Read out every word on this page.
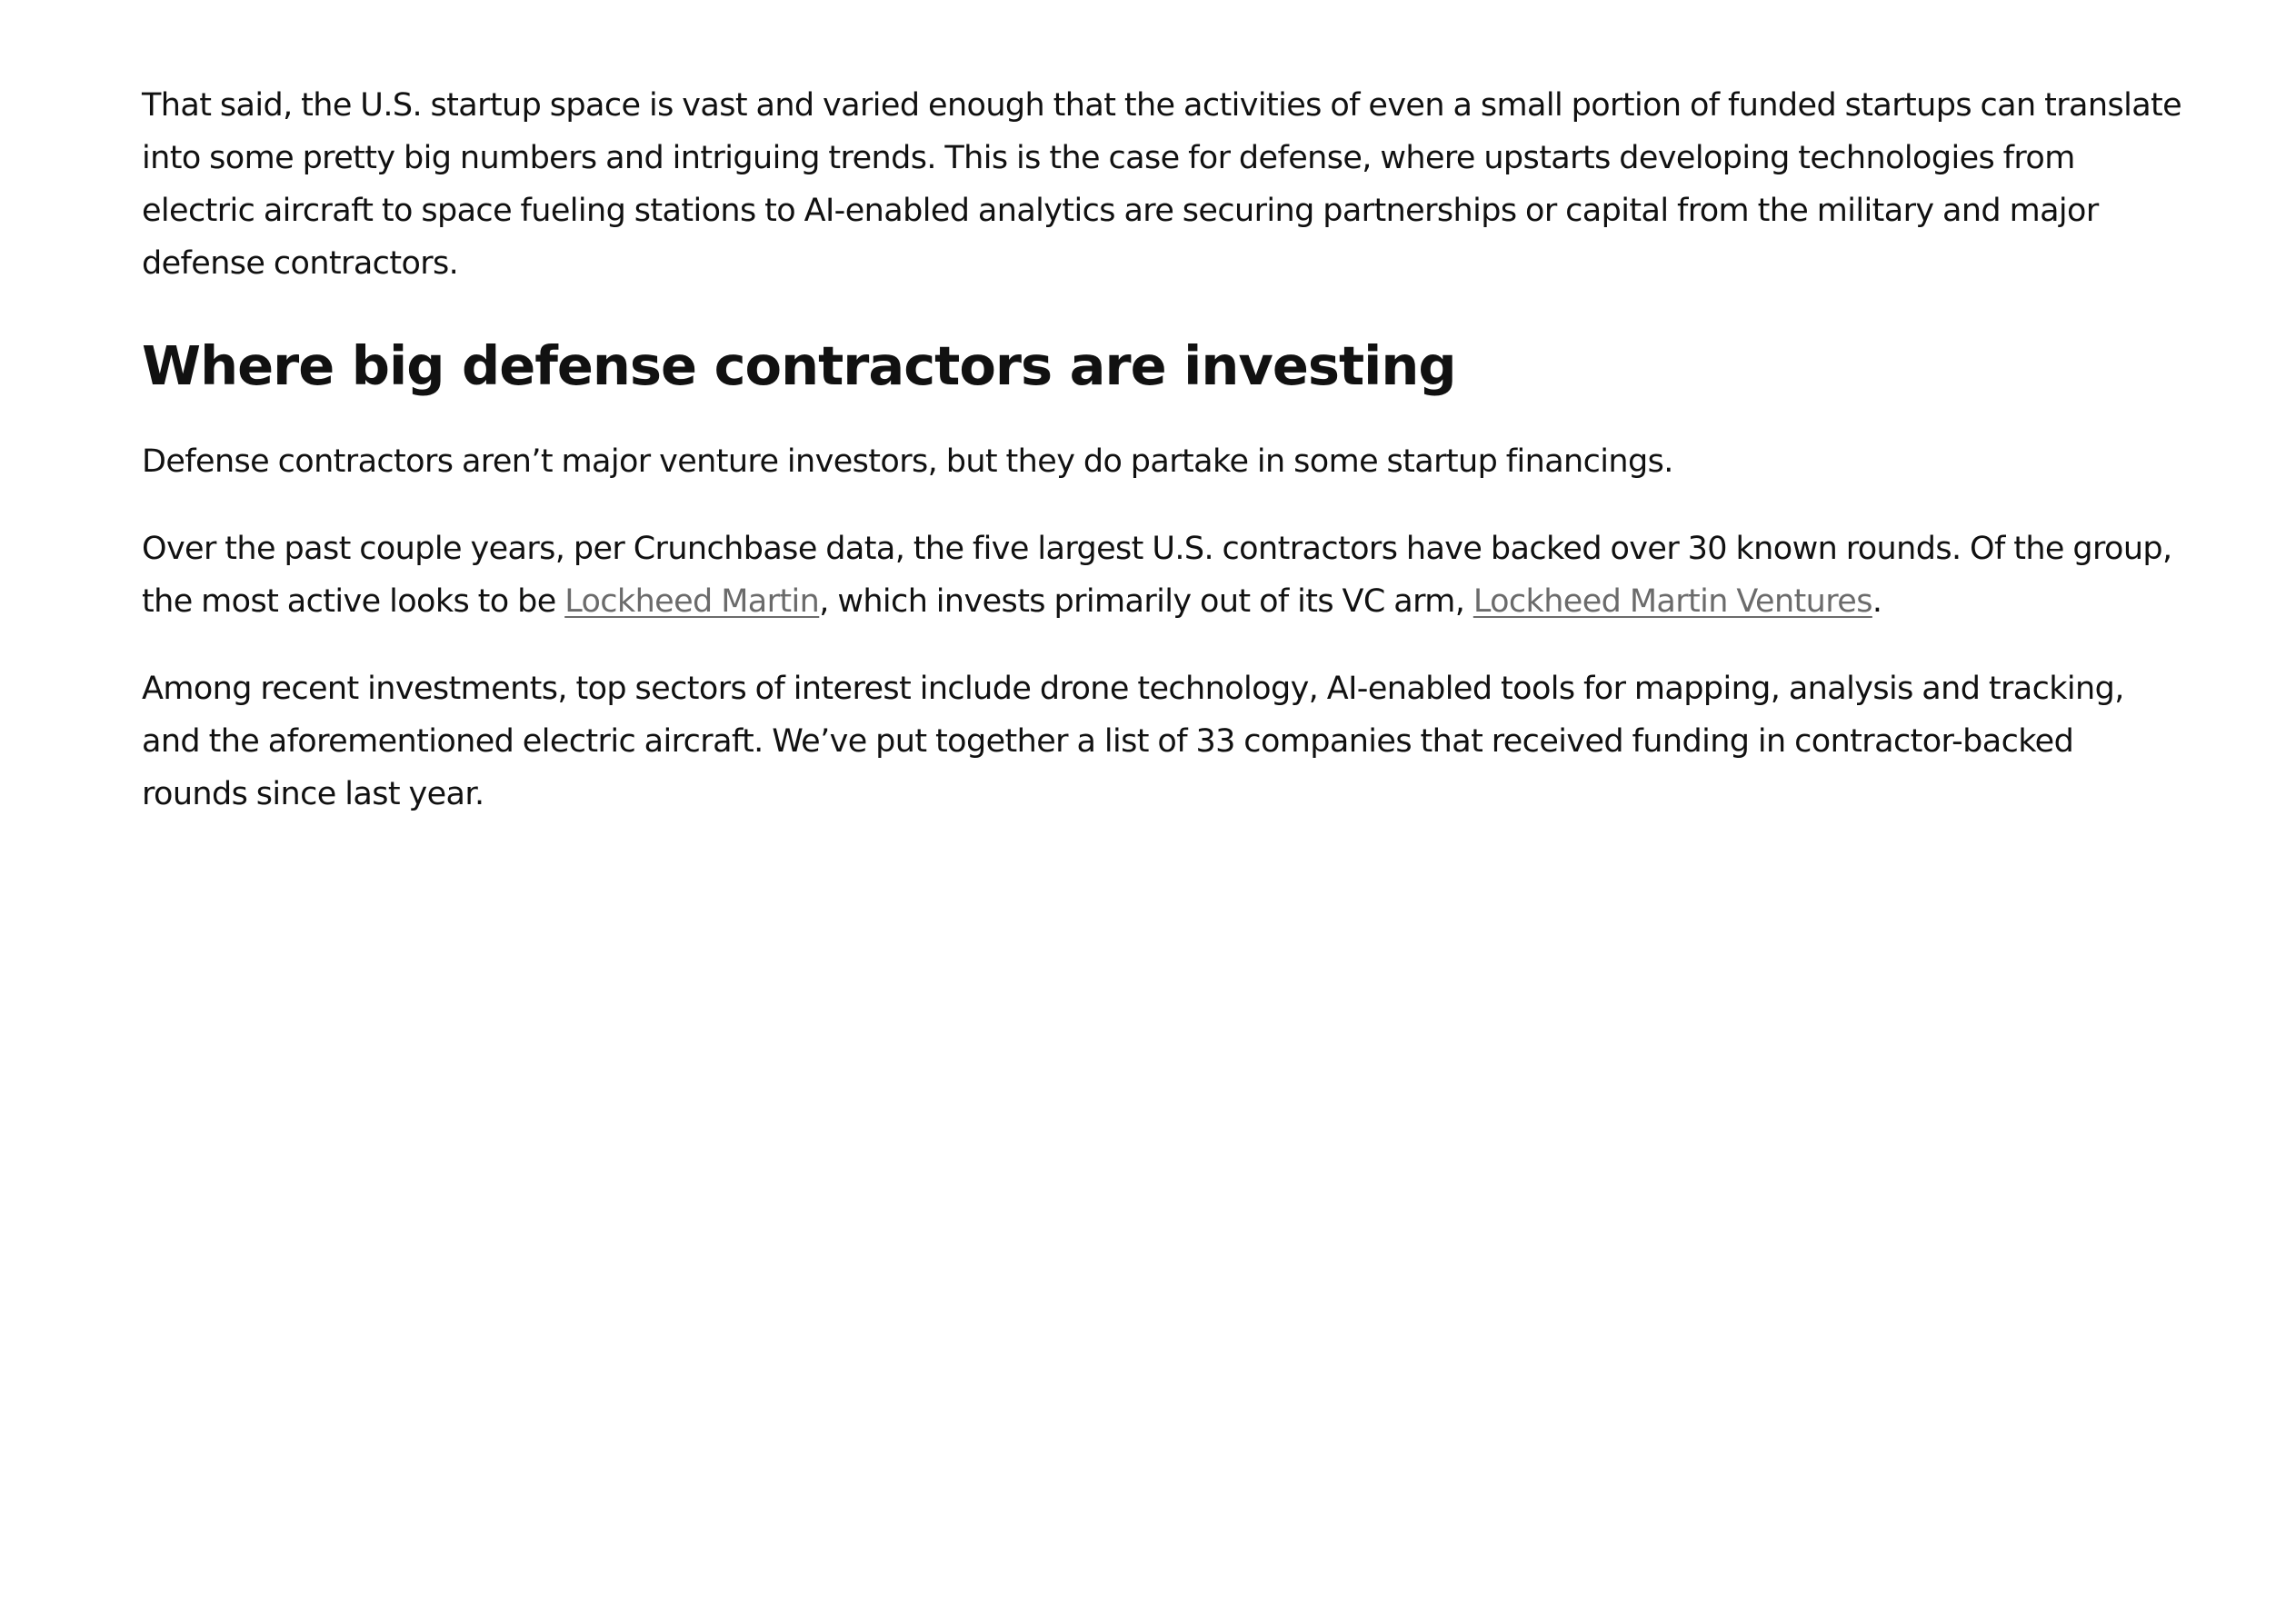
That said, the U.S. startup space is vast and varied enough that the activities of even a small portion of funded startups can translate into some pretty big numbers and intriguing trends. This is the case for defense, where upstarts developing technologies from electric aircraft to space fueling stations to AI-enabled analytics are securing partnerships or capital from the military and major defense contractors.

Where big defense contractors are investing

Defense contractors aren’t major venture investors, but they do partake in some startup financings.

Over the past couple years, per Crunchbase data, the five largest U.S. contractors have backed over 30 known rounds. Of the group, the most active looks to be Lockheed Martin, which invests primarily out of its VC arm, Lockheed Martin Ventures.

Among recent investments, top sectors of interest include drone technology, AI-enabled tools for mapping, analysis and tracking, and the aforementioned electric aircraft. We’ve put together a list of 33 companies that received funding in contractor-backed rounds since last year.
